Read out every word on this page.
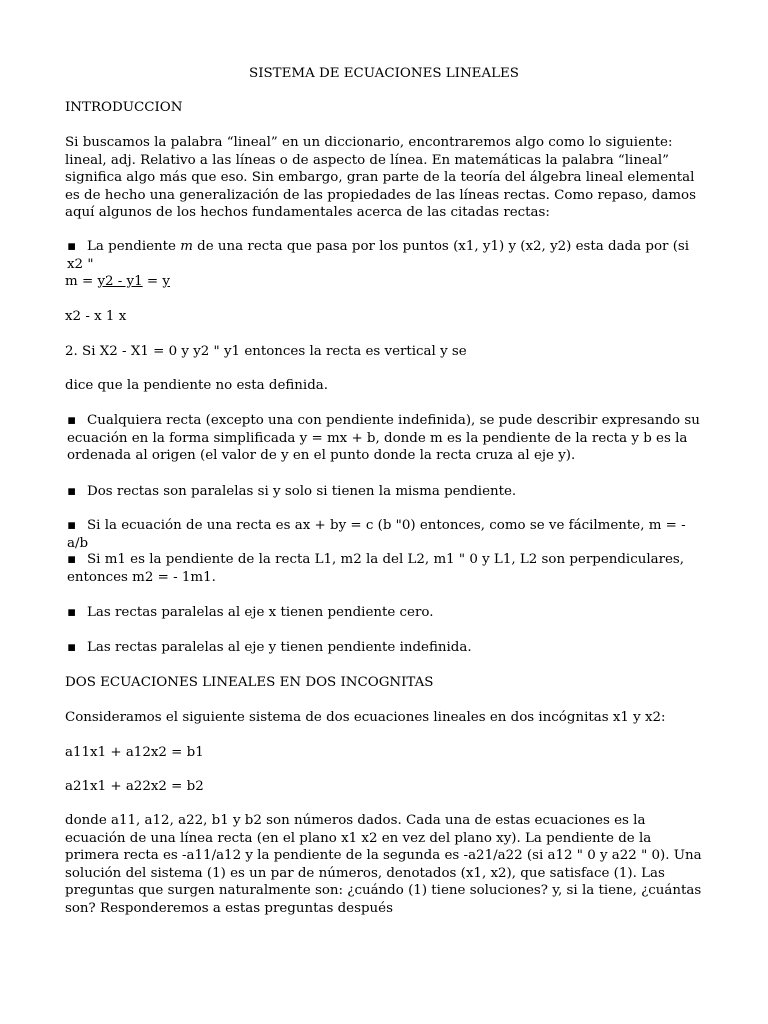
SISTEMA DE ECUACIONES LINEALES

INTRODUCCION

Si buscamos la palabra “lineal” en un diccionario, encontraremos algo como lo siguiente: lineal, adj. Relativo a las líneas o de aspecto de línea. En matemáticas la palabra “lineal” significa algo más que eso. Sin embargo, gran parte de la teoría del álgebra lineal elemental es de hecho una generalización de las propiedades de las líneas rectas. Como repaso, damos aquí algunos de los hechos fundamentales acerca de las citadas rectas:

▪ La pendiente m de una recta que pasa por los puntos (x1, y1) y (x2, y2) esta dada por (si x2 "

m = y2 - y1 = y

x2 - x 1 x

2. Si X2 - X1 = 0 y y2 " y1 entonces la recta es vertical y se

dice que la pendiente no esta definida.

▪ Cualquiera recta (excepto una con pendiente indefinida), se pude describir expresando su ecuación en la forma simplificada y = mx + b, donde m es la pendiente de la recta y b es la ordenada al origen (el valor de y en el punto donde la recta cruza al eje y).

▪ Dos rectas son paralelas si y solo si tienen la misma pendiente.

▪ Si la ecuación de una recta es ax + by = c (b "0) entonces, como se ve fácilmente, m = - a/b

▪ Si m1 es la pendiente de la recta L1, m2 la del L2, m1 " 0 y L1, L2 son perpendiculares, entonces m2 = - 1m1.

▪ Las rectas paralelas al eje x tienen pendiente cero.

▪ Las rectas paralelas al eje y tienen pendiente indefinida.

DOS ECUACIONES LINEALES EN DOS INCOGNITAS

Consideramos el siguiente sistema de dos ecuaciones lineales en dos incógnitas x1 y x2:

a11x1 + a12x2 = b1

a21x1 + a22x2 = b2

donde a11, a12, a22, b1 y b2 son números dados. Cada una de estas ecuaciones es la ecuación de una línea recta (en el plano x1 x2 en vez del plano xy). La pendiente de la primera recta es -a11/a12 y la pendiente de la segunda es -a21/a22 (si a12 " 0 y a22 " 0). Una solución del sistema (1) es un par de números, denotados (x1, x2), que satisface (1). Las preguntas que surgen naturalmente son: ¿cuándo (1) tiene soluciones? y, si la tiene, ¿cuántas son? Responderemos a estas preguntas después
